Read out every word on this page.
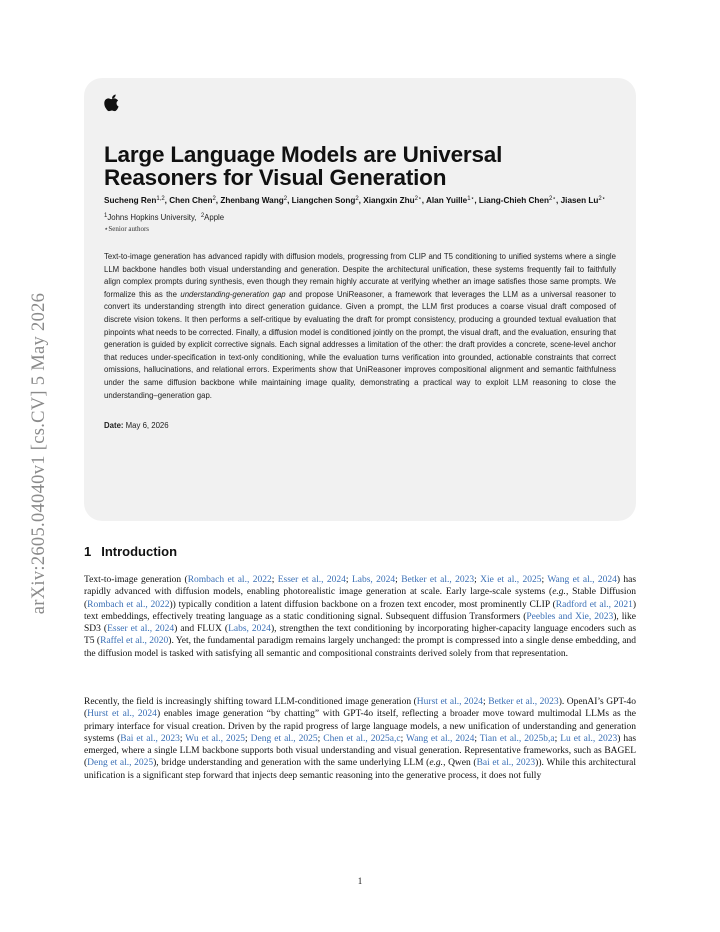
arXiv:2605.04040v1 [cs.CV] 5 May 2026
Large Language Models are Universal Reasoners for Visual Generation
Sucheng Ren$^{1,2}$, Chen Chen$^2$, Zhenbang Wang$^2$, Liangchen Song$^2$, Xiangxin Zhu$^{2⋆}$, Alan Yuille$^{1⋆}$, Liang-Chieh Chen$^{2⋆}$, Jiasen $Lu^{2⋆}$
$^1$Johns Hopkins University, $^2$Apple
⋆Senior authors

Text-to-image generation has advanced rapidly with diffusion models, progressing from CLIP and T5 conditioning to unified systems where a single LLM backbone handles both visual understanding and generation. Despite the architectural unification, these systems frequently fail to faithfully align complex prompts during synthesis, even though they remain highly accurate at verifying whether an image satisfies those same prompts. We formalize this as the understanding-generation gap and propose UniReasoner, a framework that leverages the LLM as a universal reasoner to convert its understanding strength into direct generation guidance. Given a prompt, the LLM first produces a coarse visual draft composed of discrete vision tokens. It then performs a self-critique by evaluating the draft for prompt consistency, producing a grounded textual evaluation that pinpoints what needs to be corrected. Finally, a diffusion model is conditioned jointly on the prompt, the visual draft, and the evaluation, ensuring that generation is guided by explicit corrective signals. Each signal addresses a limitation of the other: the draft provides a concrete, scene-level anchor that reduces under-specification in text-only conditioning, while the evaluation turns verification into grounded, actionable constraints that correct omissions, hallucinations, and relational errors. Experiments show that UniReasoner improves compositional alignment and semantic faithfulness under the same diffusion backbone while maintaining image quality, demonstrating a practical way to exploit LLM reasoning to close the understanding–generation gap.

Date: May 6, 2026
1 Introduction

Text-to-image generation (Rombach et al., 2022; Esser et al., 2024; Labs, 2024; Betker et al., 2023; Xie et al., 2025; Wang et al., 2024) has rapidly advanced with diffusion models, enabling photorealistic image generation at scale. Early large-scale systems (e.g., Stable Diffusion (Rombach et al., 2022)) typically condition a latent diffusion backbone on a frozen text encoder, most prominently CLIP (Radford et al., 2021) text embeddings, effectively treating language as a static conditioning signal. Subsequent diffusion Transformers (Peebles and Xie, 2023), like SD3 (Esser et al., 2024) and FLUX (Labs, 2024), strengthen the text conditioning by incorporating higher-capacity language encoders such as T5 (Raffel et al., 2020). Yet, the fundamental paradigm remains largely unchanged: the prompt is compressed into a single dense embedding, and the diffusion model is tasked with satisfying all semantic and compositional constraints derived solely from that representation.

Recently, the field is increasingly shifting toward LLM-conditioned image generation (Hurst et al., 2024; Betker et al., 2023). OpenAI’s GPT-4o (Hurst et al., 2024) enables image generation “by chatting” with GPT-4o itself, reflecting a broader move toward multimodal LLMs as the primary interface for visual creation. Driven by the rapid progress of large language models, a new unification of understanding and generation systems (Bai et al., 2023; Wu et al., 2025; Deng et al., 2025; Chen et al., 2025a,c; Wang et al., 2024; Tian et al., 2025b,a; Lu et al., 2023) has emerged, where a single LLM backbone supports both visual understanding and visual generation. Representative frameworks, such as BAGEL (Deng et al., 2025), bridge understanding and generation with the same underlying LLM (e.g., Qwen (Bai et al., 2023)). While this architectural unification is a significant step forward that injects deep semantic reasoning into the generative process, it does not fully

1
